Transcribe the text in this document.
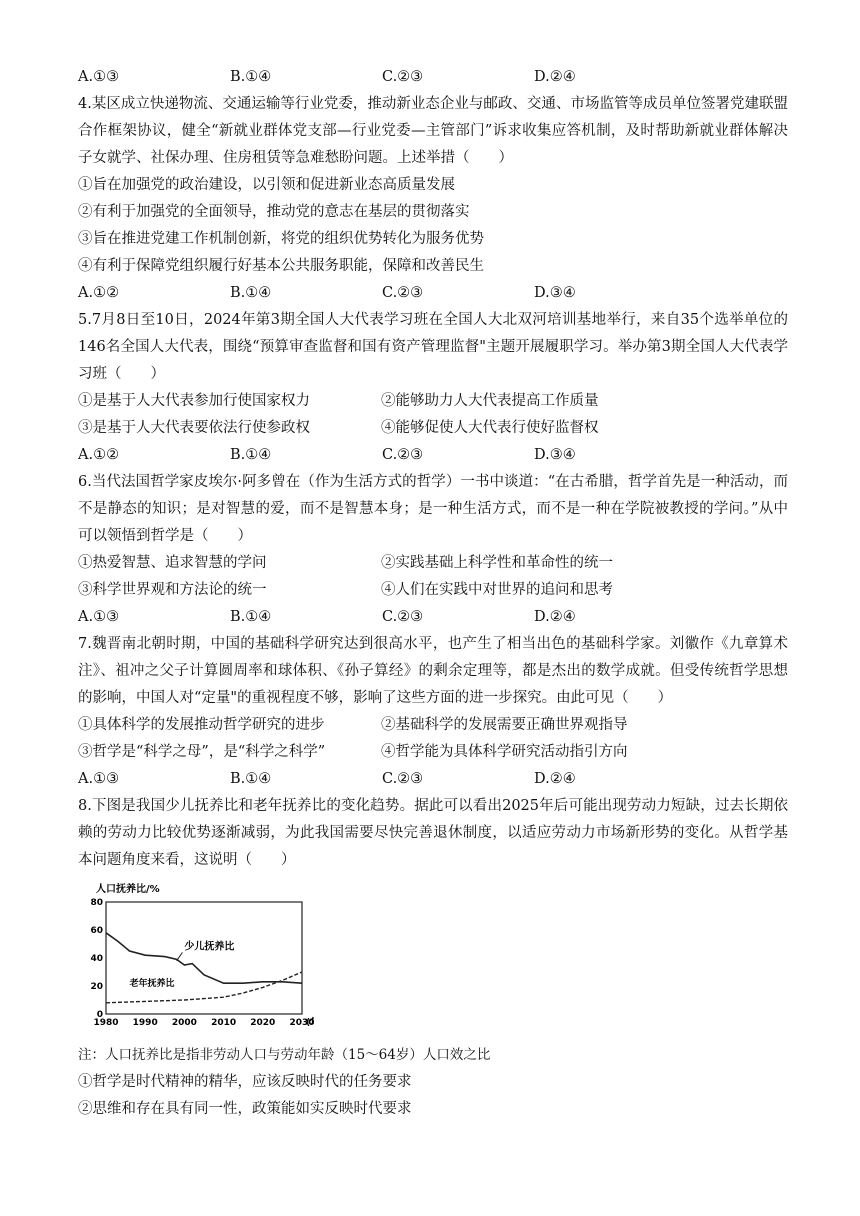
A.①③	B.①④	C.②③	D.②④
4.某区成立快递物流、交通运输等行业党委，推动新业态企业与邮政、交通、市场监管等成员单位签署党建联盟合作框架协议，健全“新就业群体党支部—行业党委—主管部门”诉求收集应答机制，及时帮助新就业群体解决子女就学、社保办理、住房租赁等急难愁盼问题。上述举措（　　）
①旨在加强党的政治建设，以引领和促进新业态高质量发展
②有利于加强党的全面领导，推动党的意志在基层的贯彻落实
③旨在推进党建工作机制创新，将党的组织优势转化为服务优势
④有利于保障党组织履行好基本公共服务职能，保障和改善民生
A.①②	B.①④	C.②③	D.③④
5.7月8日至10日，2024年第3期全国人大代表学习班在全国人大北双河培训基地举行，来自35个选举单位的146名全国人大代表，围绕“预算审查监督和国有资产管理监督"主题开展履职学习。举办第3期全国人大代表学习班（　　）
①是基于人大代表参加行使国家权力	②能够助力人大代表提高工作质量
③是基于人大代表要依法行使参政权	④能够促使人大代表行使好监督权
A.①②	B.①④	C.②③	D.③④
6.当代法国哲学家皮埃尔·阿多曾在（作为生活方式的哲学）一书中谈道：“在古希腊，哲学首先是一种活动，而不是静态的知识；是对智慧的爱，而不是智慧本身；是一种生活方式，而不是一种在学院被教授的学问。”从中可以领悟到哲学是（　　）
①热爱智慧、追求智慧的学问	②实践基础上科学性和革命性的统一
③科学世界观和方法论的统一	④人们在实践中对世界的追问和思考
A.①③	B.①④	C.②③	D.②④
7.魏晋南北朝时期，中国的基础科学研究达到很高水平，也产生了相当出色的基础科学家。刘徽作《九章算术注》、祖冲之父子计算圆周率和球体积、《孙子算经》的剩余定理等，都是杰出的数学成就。但受传统哲学思想的影响，中国人对“定量"的重视程度不够，影响了这些方面的进一步探究。由此可见（　　）
①具体科学的发展推动哲学研究的进步	②基础科学的发展需要正确世界观指导
③哲学是“科学之母”，是“科学之科学”	④哲学能为具体科学研究活动指引方向
A.①③	B.①④	C.②③	D.②④
8.下图是我国少儿抚养比和老年抚养比的变化趋势。据此可以看出2025年后可能出现劳动力短缺，过去长期依赖的劳动力比较优势逐渐减弱，为此我国需要尽快完善退休制度，以适应劳动力市场新形势的变化。从哲学基本问题角度来看，这说明（　　）
人口抚养比/%
0
20
40
60
80
1980 1990 2000 2010 2020 2030
少儿抚养比
老年抚养比
(
注：人口抚养比是指非劳动人口与劳动年龄（15～64岁）人口效之比
①哲学是时代精神的精华，应该反映时代的任务要求
②思维和存在具有同一性，政策能如实反映时代要求
